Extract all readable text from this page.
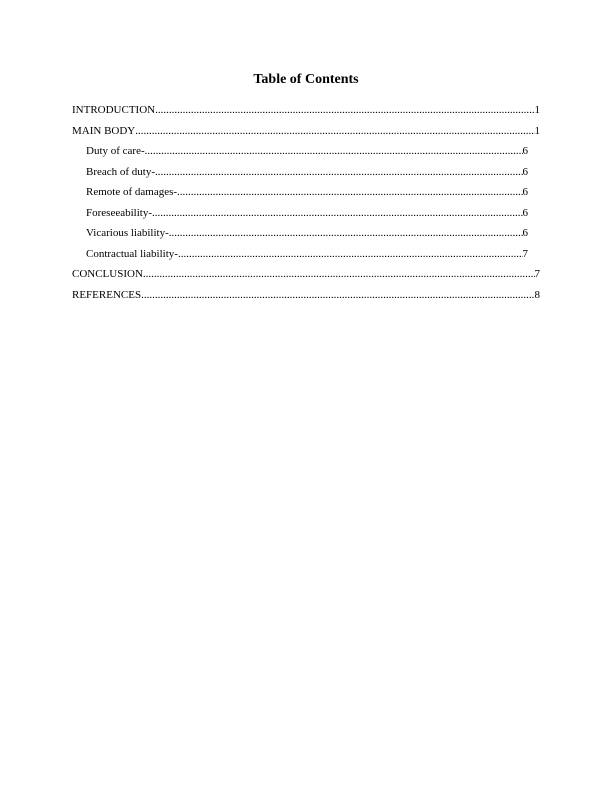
Table of Contents
INTRODUCTION .....	1
MAIN BODY .....	1
Duty of care- .....	6
Breach of duty- .....	6
Remote of damages- .....	6
Foreseeability- .....	6
Vicarious liability- .....	6
Contractual liability- .....	7
CONCLUSION .....	7
REFERENCES .....	8
